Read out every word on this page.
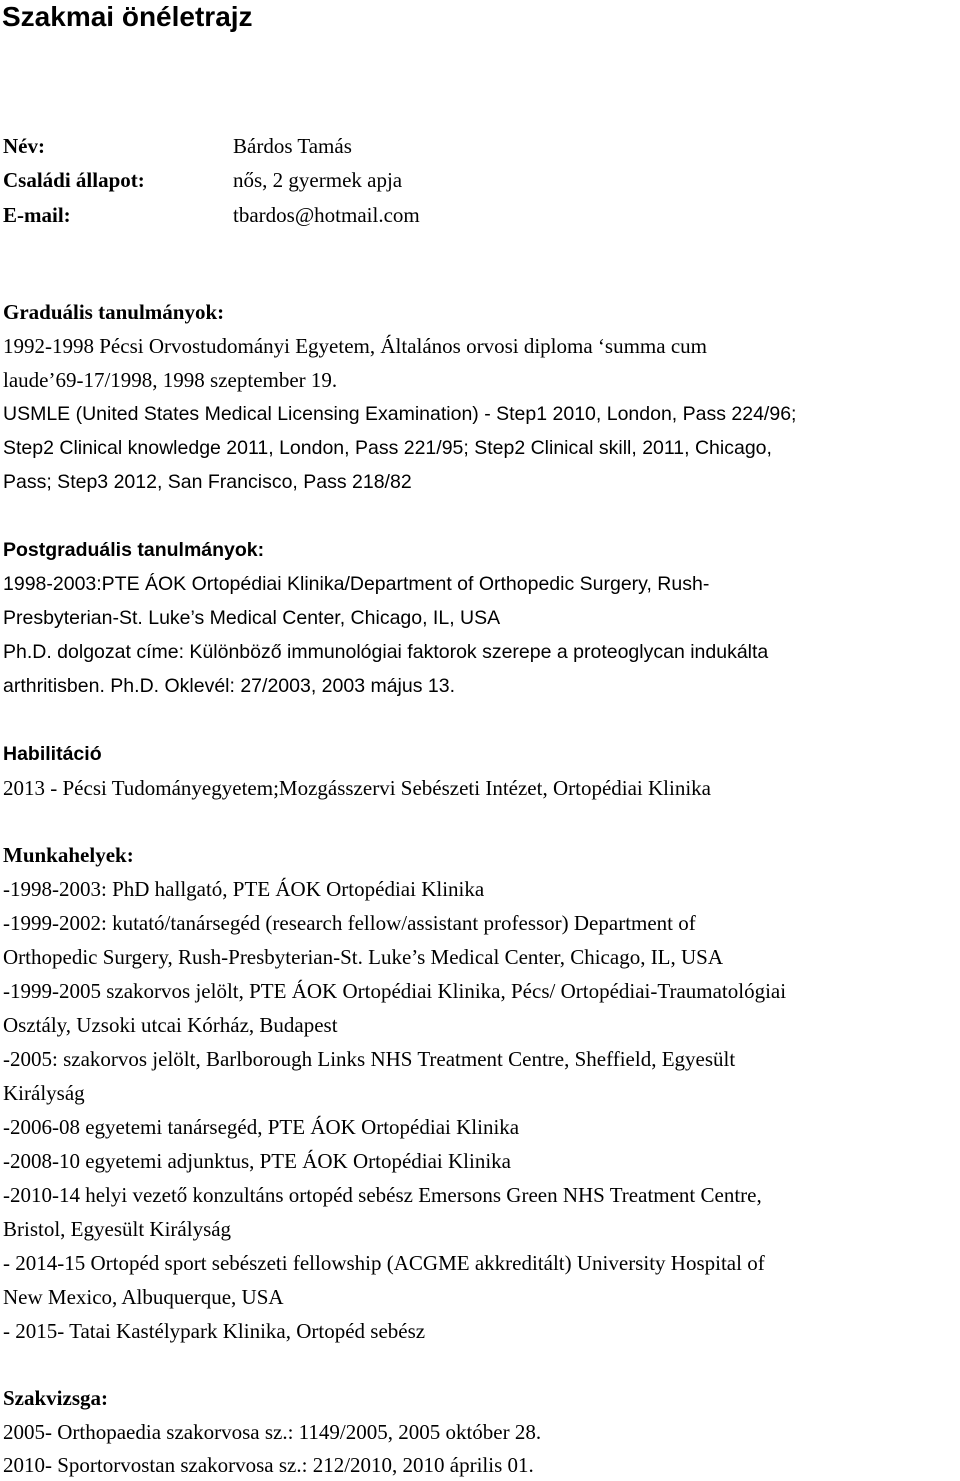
Szakmai önéletrajz
Név:	Bárdos Tamás
Családi állapot:	nős, 2 gyermek apja
E-mail:	tbardos@hotmail.com
Graduális tanulmányok:
1992-1998 Pécsi Orvostudományi Egyetem, Általános orvosi diploma ‘summa cum
laude’69-17/1998, 1998 szeptember 19.
USMLE (United States Medical Licensing Examination) - Step1 2010, London, Pass 224/96;
Step2 Clinical knowledge 2011, London, Pass 221/95; Step2 Clinical skill, 2011, Chicago,
Pass; Step3 2012, San Francisco, Pass 218/82
Postgraduális tanulmányok:
1998-2003:PTE ÁOK Ortopédiai Klinika/Department of Orthopedic Surgery, Rush-
Presbyterian-St. Luke’s Medical Center, Chicago, IL, USA
Ph.D. dolgozat címe: Különböző immunológiai faktorok szerepe a proteoglycan indukálta
arthritisben. Ph.D. Oklevél: 27/2003, 2003 május 13.
Habilitáció
2013 - Pécsi Tudományegyetem;Mozgásszervi Sebészeti Intézet, Ortopédiai Klinika
Munkahelyek:
-1998-2003: PhD hallgató, PTE ÁOK Ortopédiai Klinika
-1999-2002: kutató/tanársegéd (research fellow/assistant professor) Department of
Orthopedic Surgery, Rush-Presbyterian-St. Luke’s Medical Center, Chicago, IL, USA
-1999-2005 szakorvos jelölt, PTE ÁOK Ortopédiai Klinika, Pécs/ Ortopédiai-Traumatológiai
Osztály, Uzsoki utcai Kórház, Budapest
-2005: szakorvos jelölt, Barlborough Links NHS Treatment Centre, Sheffield, Egyesült
Királyság
-2006-08 egyetemi tanársegéd, PTE ÁOK Ortopédiai Klinika
-2008-10 egyetemi adjunktus, PTE ÁOK Ortopédiai Klinika
-2010-14 helyi vezető konzultáns ortopéd sebész Emersons Green NHS Treatment Centre,
Bristol, Egyesült Királyság
- 2014-15 Ortopéd sport sebészeti fellowship (ACGME akkreditált) University Hospital of
New Mexico, Albuquerque, USA
- 2015- Tatai Kastélypark Klinika, Ortopéd sebész
Szakvizsga:
2005- Orthopaedia szakorvosa sz.: 1149/2005, 2005 október 28.
2010- Sportorvostan szakorvosa sz.: 212/2010, 2010 április 01.
